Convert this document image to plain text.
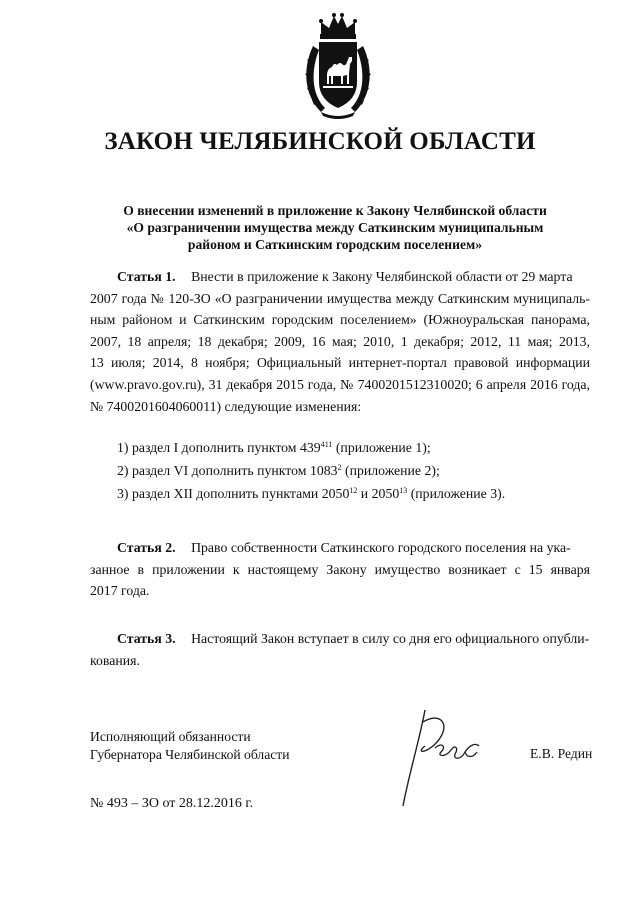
ЗАКОН ЧЕЛЯБИНСКОЙ ОБЛАСТИ
О внесении изменений в приложение к Закону Челябинской области
«О разграничении имущества между Саткинским муниципальным
районом и Саткинским городским поселением»
Статья 1. Внести в приложение к Закону Челябинской области от 29 марта
2007 года № 120-ЗО «О разграничении имущества между Саткинским муниципаль-
ным районом и Саткинским городским поселением» (Южноуральская панорама,
2007, 18 апреля; 18 декабря; 2009, 16 мая; 2010, 1 декабря; 2012, 11 мая; 2013,
13 июля; 2014, 8 ноября; Официальный интернет-портал правовой информации
(www.pravo.gov.ru), 31 декабря 2015 года, № 7400201512310020; 6 апреля 2016 года,
№ 7400201604060011) следующие изменения:
1) раздел I дополнить пунктом $439^{411}$ (приложение 1);
2) раздел VI дополнить пунктом 1083$^2$ (приложение 2);
3) раздел XII дополнить пунктами 2050$^{12}$ и 2050$^{13}$ (приложение 3).
Статья 2. Право собственности Саткинского городского поселения на ука-
занное в приложении к настоящему Закону имущество возникает с 15 января
2017 года.
Статья 3. Настоящий Закон вступает в силу со дня его официального опубли-
кования.
Исполняющий обязанности
Губернатора Челябинской области	Е.В. Редин
№ 493 – ЗО от 28.12.2016 г.
